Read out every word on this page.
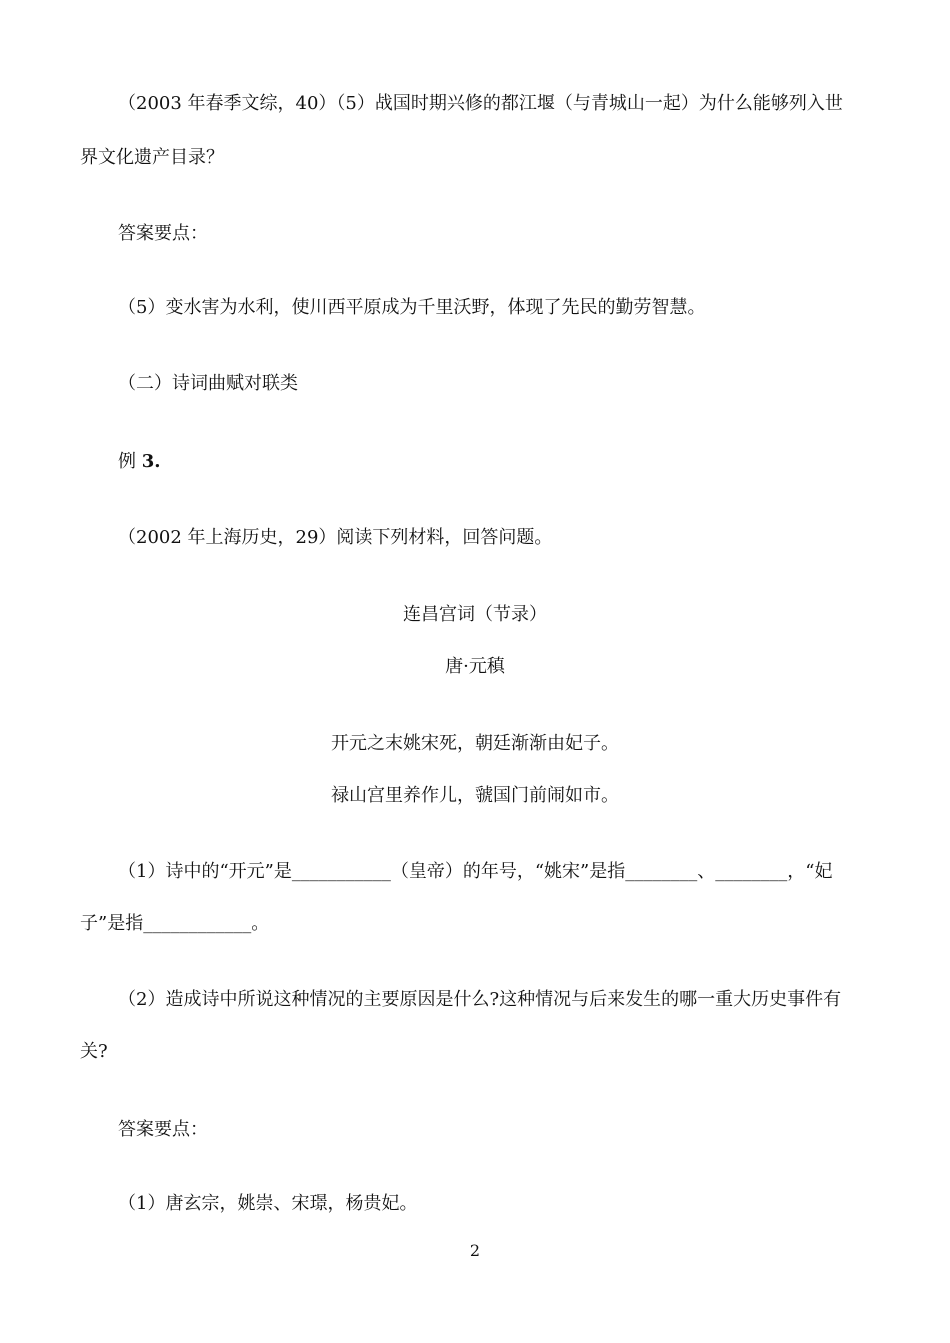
（2003 年春季文综，40）（5）战国时期兴修的都江堰（与青城山一起）为什么能够列入世
界文化遗产目录？
答案要点：
（5）变水害为水利，使川西平原成为千里沃野，体现了先民的勤劳智慧。
（二）诗词曲赋对联类
例 3.
（2002 年上海历史，29）阅读下列材料，回答问题。
连昌宫词（节录）
唐·元稹
开元之末姚宋死，朝廷渐渐由妃子。
禄山宫里养作儿，虢国门前闹如市。
（1）诗中的“开元”是___________（皇帝）的年号，“姚宋”是指________、________，“妃
子”是指____________。
（2）造成诗中所说这种情况的主要原因是什么?这种情况与后来发生的哪一重大历史事件有
关?
答案要点：
（1）唐玄宗，姚崇、宋璟，杨贵妃。
2
